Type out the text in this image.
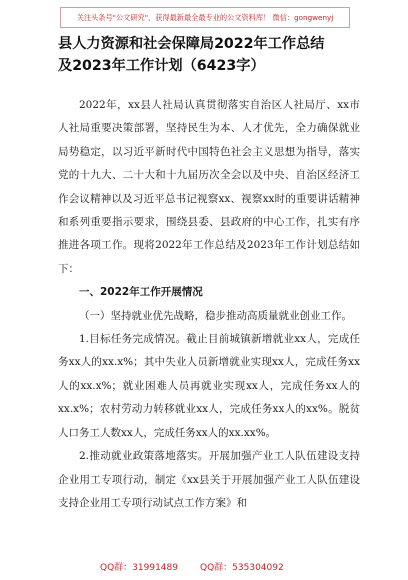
关注头条号"公文研究"，获得最新最全最专业的公文资料库！ 微信：gongwenyj
县人力资源和社会保障局2022年工作总结
及2023年工作计划（6423字）

2022年，xx县人社局认真贯彻落实自治区人社局厅、xx市人社局重要决策部署，坚持民生为本、人才优先，全力确保就业局势稳定，以习近平新时代中国特色社会主义思想为指导，落实党的十九大、二十大和十九届历次全会以及中央、自治区经济工作会议精神以及习近平总书记视察xx、视察xx时的重要讲话精神和系列重要指示要求，围绕县委、县政府的中心工作，扎实有序推进各项工作。现将2022年工作总结及2023年工作计划总结如下：

一、2022年工作开展情况

（一）坚持就业优先战略，稳步推动高质量就业创业工作。

1.目标任务完成情况。截止目前城镇新增就业xx人，完成任务xx人的xx.x%；其中失业人员新增就业实现xx人，完成任务xx人的xx.x%；就业困难人员再就业实现xx人，完成任务xx人的xx.x%；农村劳动力转移就业xx人，完成任务xx人的xx%。脱贫人口务工人数xx人，完成任务xx人的xx.xx%。

2.推动就业政策落地落实。开展加强产业工人队伍建设支持企业用工专项行动，制定《xx县关于开展加强产业工人队伍建设支持企业用工专项行动试点工作方案》和

QQ群：31991489 QQ群：535304092
